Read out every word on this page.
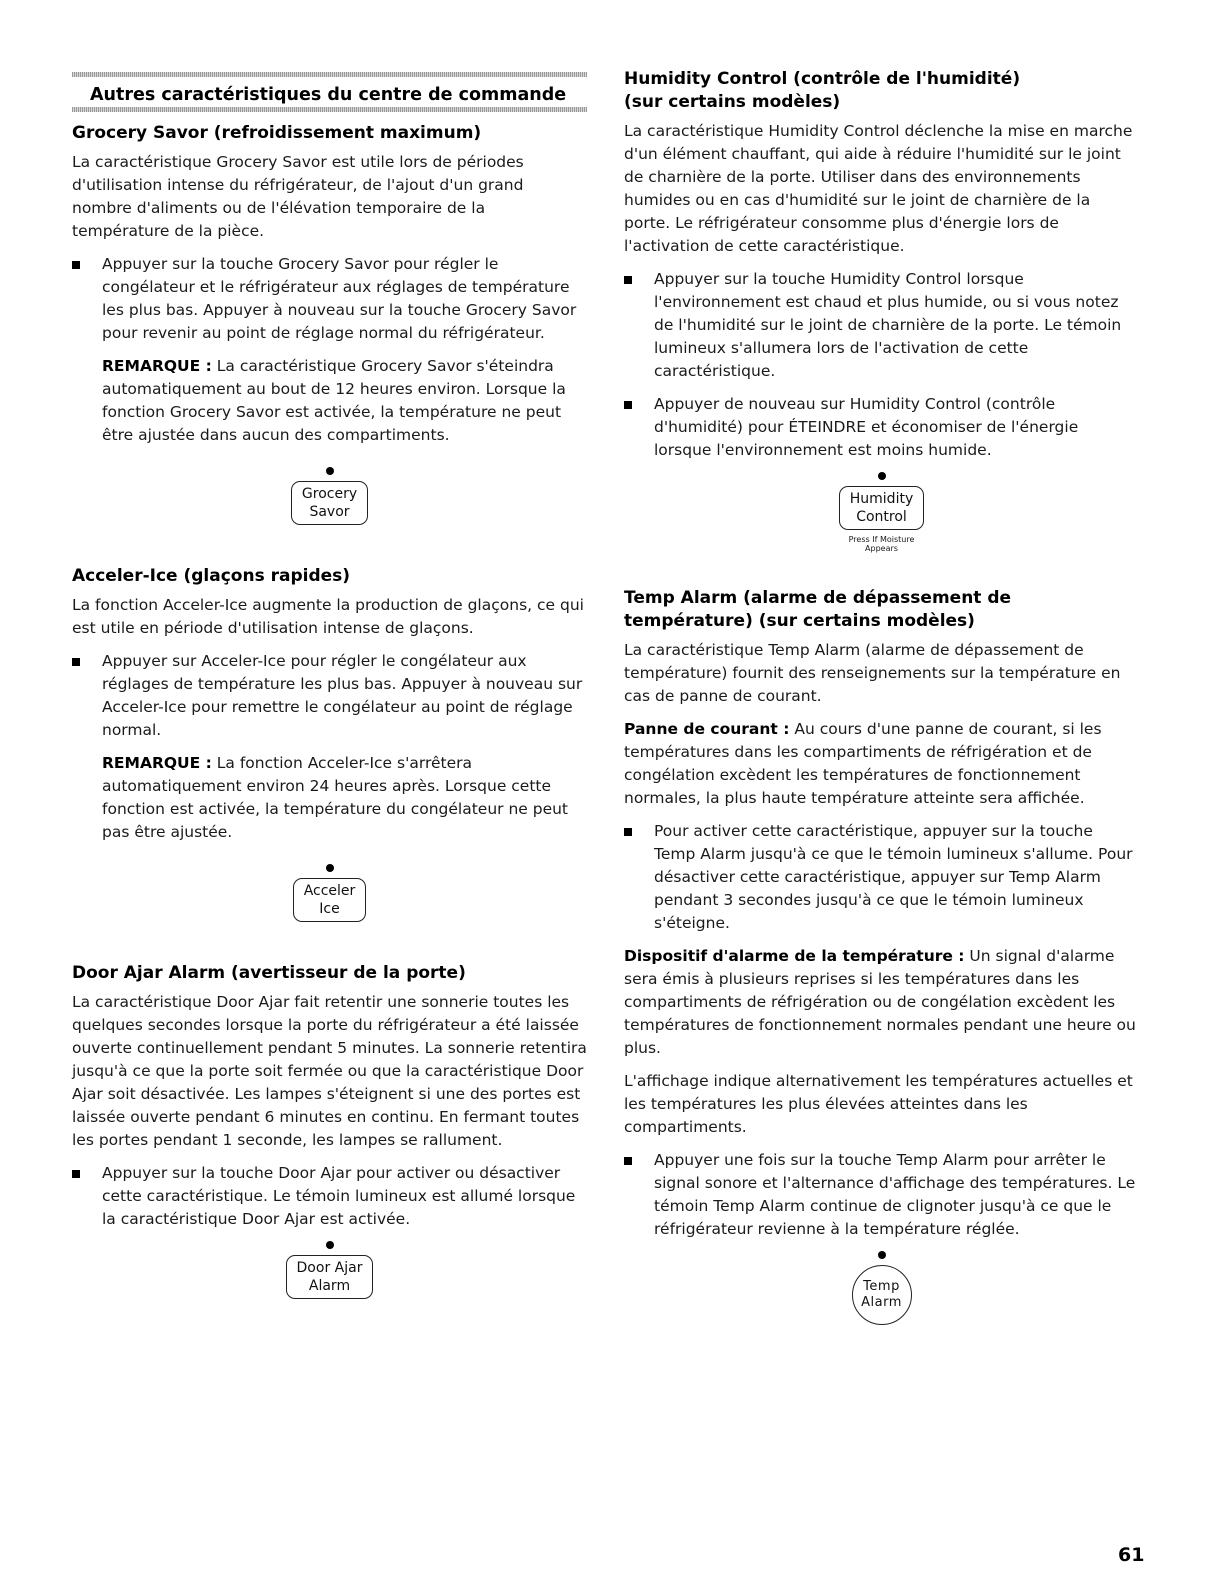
Autres caractéristiques du centre de commande
Grocery Savor (refroidissement maximum)

La caractéristique Grocery Savor est utile lors de périodes d'utilisation intense du réfrigérateur, de l'ajout d'un grand nombre d'aliments ou de l'élévation temporaire de la température de la pièce.

Appuyer sur la touche Grocery Savor pour régler le congélateur et le réfrigérateur aux réglages de température les plus bas. Appuyer à nouveau sur la touche Grocery Savor pour revenir au point de réglage normal du réfrigérateur.

REMARQUE : La caractéristique Grocery Savor s'éteindra automatiquement au bout de 12 heures environ. Lorsque la fonction Grocery Savor est activée, la température ne peut être ajustée dans aucun des compartiments.

Grocery
Savor
Acceler-Ice (glaçons rapides)

La fonction Acceler-Ice augmente la production de glaçons, ce qui est utile en période d'utilisation intense de glaçons.

Appuyer sur Acceler-Ice pour régler le congélateur aux réglages de température les plus bas. Appuyer à nouveau sur Acceler-Ice pour remettre le congélateur au point de réglage normal.

REMARQUE : La fonction Acceler-Ice s'arrêtera automatiquement environ 24 heures après. Lorsque cette fonction est activée, la température du congélateur ne peut pas être ajustée.

Acceler
Ice
Door Ajar Alarm (avertisseur de la porte)

La caractéristique Door Ajar fait retentir une sonnerie toutes les quelques secondes lorsque la porte du réfrigérateur a été laissée ouverte continuellement pendant 5 minutes. La sonnerie retentira jusqu'à ce que la porte soit fermée ou que la caractéristique Door Ajar soit désactivée. Les lampes s'éteignent si une des portes est laissée ouverte pendant 6 minutes en continu. En fermant toutes les portes pendant 1 seconde, les lampes se rallument.

Appuyer sur la touche Door Ajar pour activer ou désactiver cette caractéristique. Le témoin lumineux est allumé lorsque la caractéristique Door Ajar est activée.
Door Ajar
Alarm
Humidity Control (contrôle de l'humidité)
(sur certains modèles)

La caractéristique Humidity Control déclenche la mise en marche d'un élément chauffant, qui aide à réduire l'humidité sur le joint de charnière de la porte. Utiliser dans des environnements humides ou en cas d'humidité sur le joint de charnière de la porte. Le réfrigérateur consomme plus d'énergie lors de l'activation de cette caractéristique.

Appuyer sur la touche Humidity Control lorsque l'environnement est chaud et plus humide, ou si vous notez de l'humidité sur le joint de charnière de la porte. Le témoin lumineux s'allumera lors de l'activation de cette caractéristique.
Appuyer de nouveau sur Humidity Control (contrôle d'humidité) pour ÉTEINDRE et économiser de l'énergie lorsque l'environnement est moins humide.
Humidity
Control
Press If Moisture
Appears
Temp Alarm (alarme de dépassement de température) (sur certains modèles)

La caractéristique Temp Alarm (alarme de dépassement de température) fournit des renseignements sur la température en cas de panne de courant.

Panne de courant : Au cours d'une panne de courant, si les températures dans les compartiments de réfrigération et de congélation excèdent les températures de fonctionnement normales, la plus haute température atteinte sera affichée.

Pour activer cette caractéristique, appuyer sur la touche Temp Alarm jusqu'à ce que le témoin lumineux s'allume. Pour désactiver cette caractéristique, appuyer sur Temp Alarm pendant 3 secondes jusqu'à ce que le témoin lumineux s'éteigne.

Dispositif d'alarme de la température : Un signal d'alarme sera émis à plusieurs reprises si les températures dans les compartiments de réfrigération ou de congélation excèdent les températures de fonctionnement normales pendant une heure ou plus.

L'affichage indique alternativement les températures actuelles et les températures les plus élevées atteintes dans les compartiments.

Appuyer une fois sur la touche Temp Alarm pour arrêter le signal sonore et l'alternance d'affichage des températures. Le témoin Temp Alarm continue de clignoter jusqu'à ce que le réfrigérateur revienne à la température réglée.
Temp
Alarm
61
